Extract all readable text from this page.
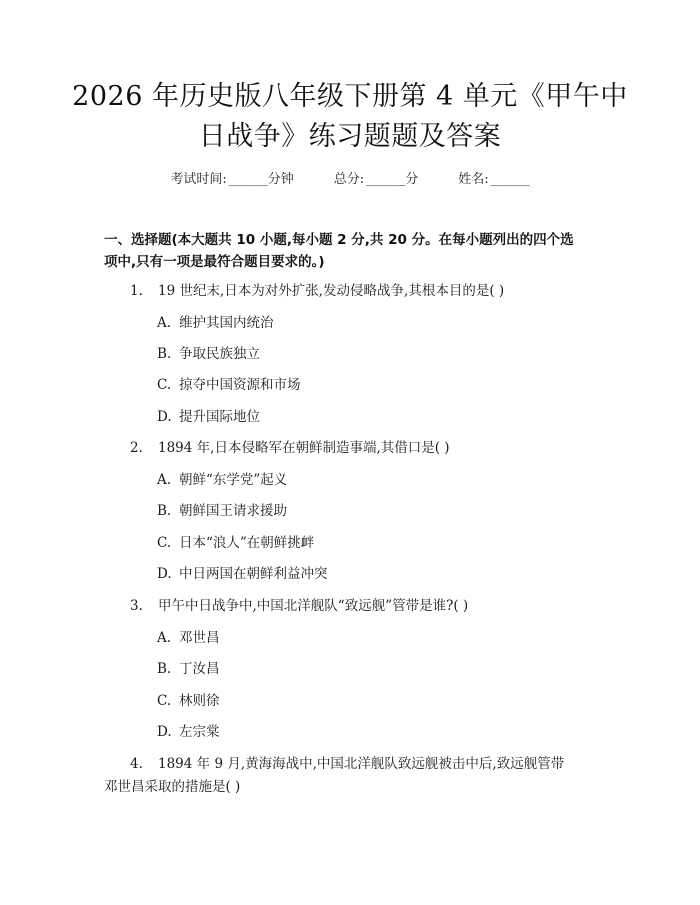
2026 年历史版八年级下册第 4 单元《甲午中
日战争》练习题题及答案
考试时间: ______ 分钟	总分: ______ 分	姓名: ______
一、选择题(本大题共 10 小题,每小题 2 分,共 20 分。在每小题列出的四个选
项中,只有一项是最符合题目要求的。)
1. 19 世纪末,日本为对外扩张,发动侵略战争,其根本目的是( )
A. 维护其国内统治
B. 争取民族独立
C. 掠夺中国资源和市场
D. 提升国际地位
2. 1894 年,日本侵略军在朝鲜制造事端,其借口是( )
A. 朝鲜“东学党”起义
B. 朝鲜国王请求援助
C. 日本“浪人”在朝鲜挑衅
D. 中日两国在朝鲜利益冲突
3. 甲午中日战争中,中国北洋舰队“致远舰”管带是谁?( )
A. 邓世昌
B. 丁汝昌
C. 林则徐
D. 左宗棠
4. 1894 年 9 月,黄海海战中,中国北洋舰队致远舰被击中后,致远舰管带
邓世昌采取的措施是( )
